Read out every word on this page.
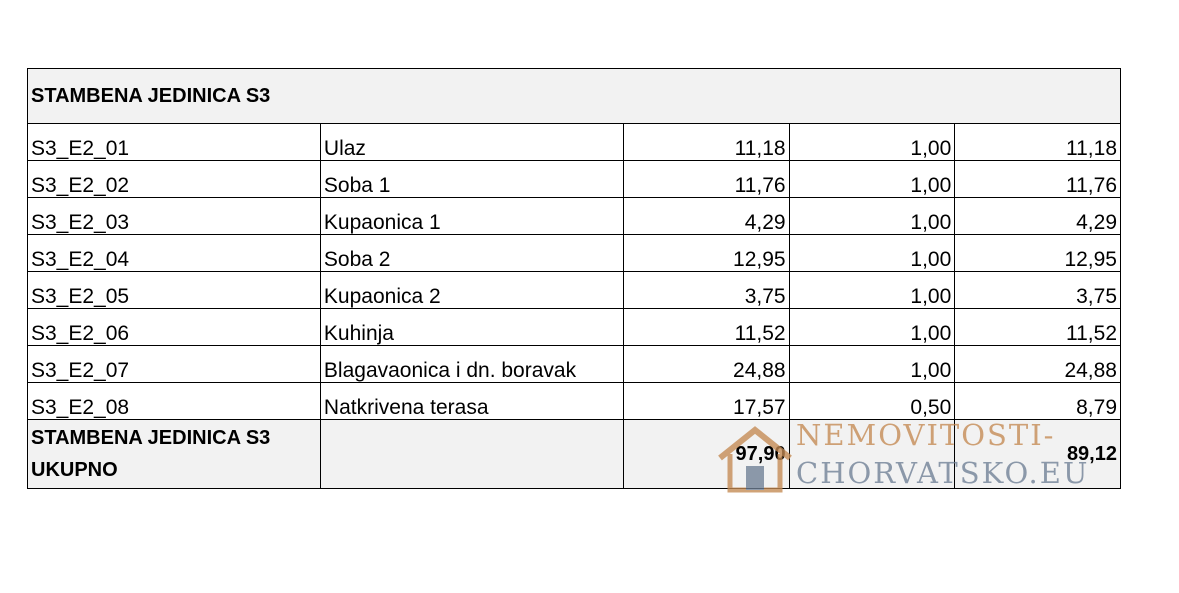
STAMBENA JEDINICA S3				
S3_E2_01	Ulaz	11,18	1,00	11,18
S3_E2_02	Soba 1	11,76	1,00	11,76
S3_E2_03	Kupaonica 1	4,29	1,00	4,29
S3_E2_04	Soba 2	12,95	1,00	12,95
S3_E2_05	Kupaonica 2	3,75	1,00	3,75
S3_E2_06	Kuhinja	11,52	1,00	11,52
S3_E2_07	Blagavaonica i dn. boravak	24,88	1,00	24,88
S3_E2_08	Natkrivena terasa	17,57	0,50	8,79
STAMBENA JEDINICA S3
UKUPNO		97,90		89,12
NEMOVITOSTI-
CHORVATSKO.EU
